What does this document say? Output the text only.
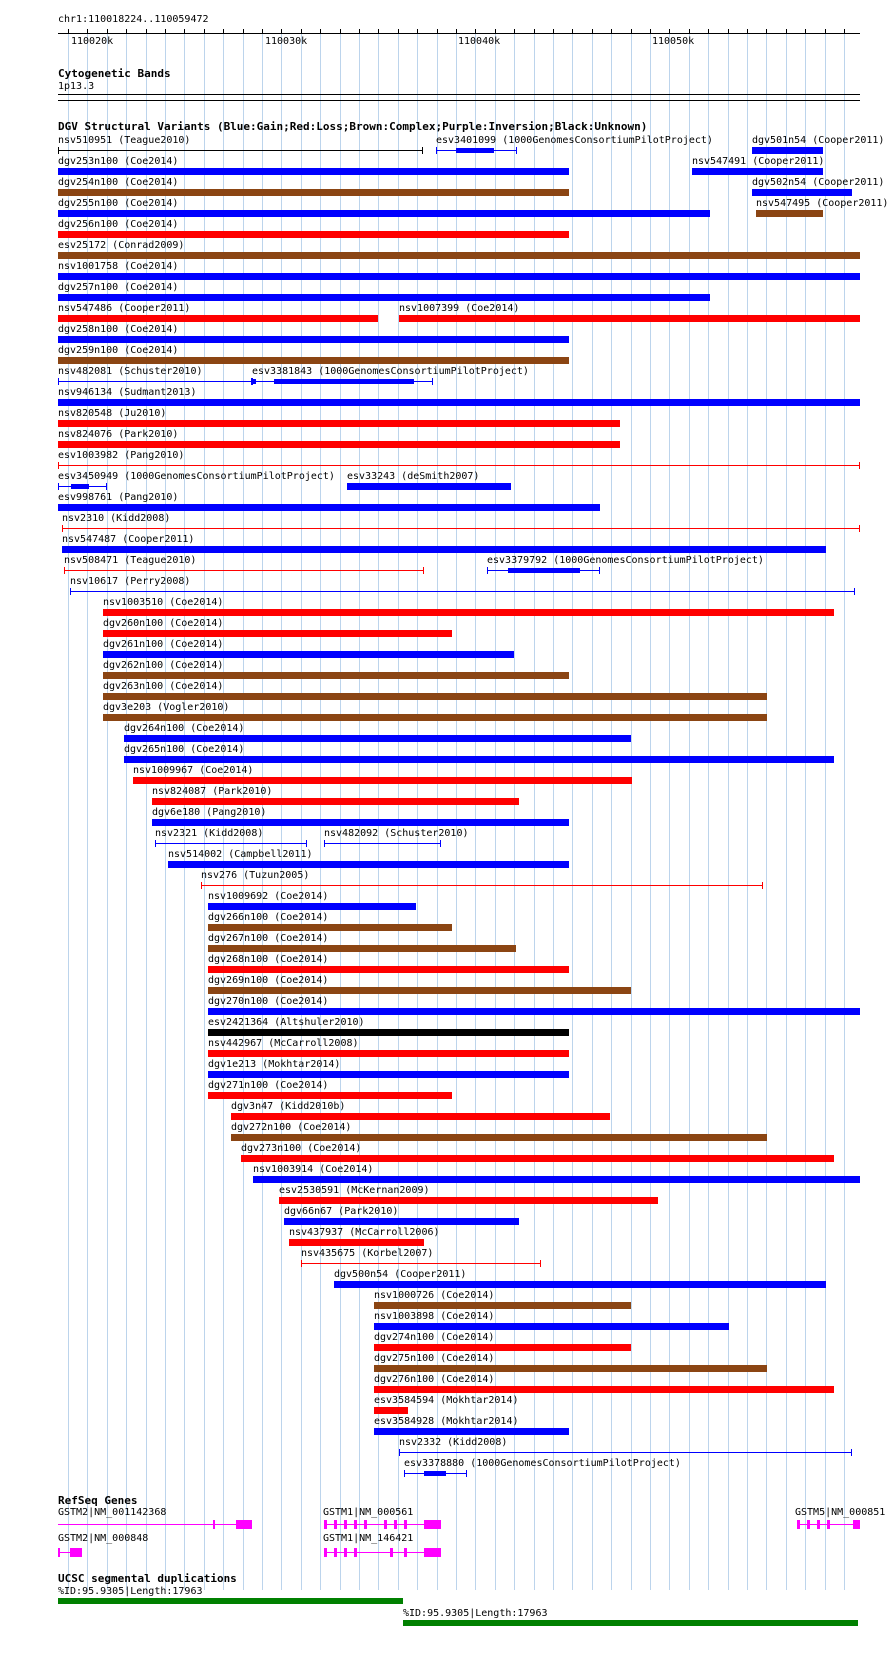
chr1:110018224..110059472
110020k	110030k	110040k	110050k
Cytogenetic Bands
1p13.3
DGV Structural Variants (Blue:Gain;Red:Loss;Brown:Complex;Purple:Inversion;Black:Unknown)
nsv510951 (Teague2010)	esv3401099 (1000GenomesConsortiumPilotProject)	dgv501n54 (Cooper2011)
dgv253n100 (Coe2014)	nsv547491 (Cooper2011)
dgv254n100 (Coe2014)	dgv502n54 (Cooper2011)
dgv255n100 (Coe2014)	nsv547495 (Cooper2011)
dgv256n100 (Coe2014)
esv25172 (Conrad2009)
nsv1001758 (Coe2014)
dgv257n100 (Coe2014)
nsv547486 (Cooper2011)	nsv1007399 (Coe2014)
dgv258n100 (Coe2014)
dgv259n100 (Coe2014)
nsv482081 (Schuster2010)	esv3381843 (1000GenomesConsortiumPilotProject)
nsv946134 (Sudmant2013)
nsv820548 (Ju2010)
nsv824076 (Park2010)
esv1003982 (Pang2010)
esv3450949 (1000GenomesConsortiumPilotProject) esv33243 (deSmith2007)
esv998761 (Pang2010)
nsv2310 (Kidd2008)
nsv547487 (Cooper2011)
nsv508471 (Teague2010)	esv3379792 (1000GenomesConsortiumPilotProject)
nsv10617 (Perry2008)
nsv1003510 (Coe2014)
dgv260n100 (Coe2014)
dgv261n100 (Coe2014)
dgv262n100 (Coe2014)
dgv263n100 (Coe2014)
dgv3e203 (Vogler2010)
dgv264n100 (Coe2014)
dgv265n100 (Coe2014)
nsv1009967 (Coe2014)
nsv824087 (Park2010)
dgv6e180 (Pang2010)
nsv2321 (Kidd2008)	nsv482092 (Schuster2010)
nsv514002 (Campbell2011)
nsv276 (Tuzun2005)
nsv1009692 (Coe2014)
dgv266n100 (Coe2014)
dgv267n100 (Coe2014)
dgv268n100 (Coe2014)
dgv269n100 (Coe2014)
dgv270n100 (Coe2014)
esv2421364 (Altshuler2010)
nsv442967 (McCarroll2008)
dgv1e213 (Mokhtar2014)
dgv271n100 (Coe2014)
dgv3n47 (Kidd2010b)
dgv272n100 (Coe2014)
dgv273n100 (Coe2014)
nsv1003914 (Coe2014)
esv2530591 (McKernan2009)
dgv66n67 (Park2010)
nsv437937 (McCarroll2006)
nsv435675 (Korbel2007)
dgv500n54 (Cooper2011)
nsv1000726 (Coe2014)
nsv1003898 (Coe2014)
dgv274n100 (Coe2014)
dgv275n100 (Coe2014)
dgv276n100 (Coe2014)
esv3584594 (Mokhtar2014)
esv3584928 (Mokhtar2014)
nsv2332 (Kidd2008)
esv3378880 (1000GenomesConsortiumPilotProject)
RefSeq Genes
GSTM2|NM_001142368	GSTM1|NM_000561	GSTM5|NM_000851
GSTM2|NM_000848	GSTM1|NM_146421
UCSC segmental duplications
%ID:95.9305|Length:17963
%ID:95.9305|Length:17963
